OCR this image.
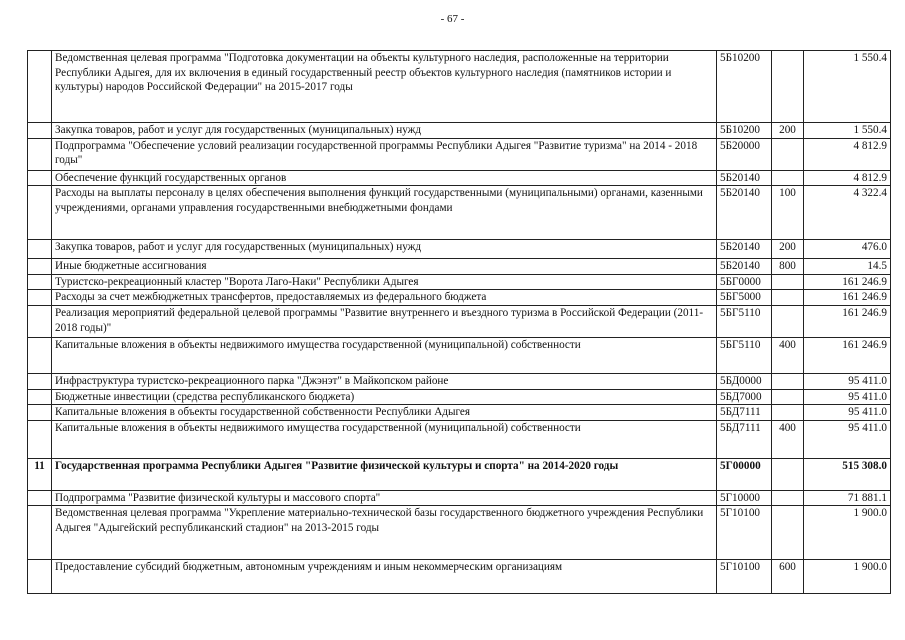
- 67 -
	Ведомственная целевая программа "Подготовка документации на объекты культурного наследия, расположенные на территории Республики Адыгея, для их включения в единый государственный реестр объектов культурного наследия (памятников истории и культуры) народов Российской Федерации" на 2015-2017 годы	5Б10200		1 550.4
	Закупка товаров, работ и услуг для государственных (муниципальных) нужд	5Б10200	200	1 550.4
	Подпрограмма "Обеспечение условий реализации государственной программы Республики Адыгея "Развитие туризма" на 2014 - 2018 годы"	5Б20000		4 812.9
	Обеспечение функций государственных органов	5Б20140		4 812.9
	Расходы на выплаты персоналу в целях обеспечения выполнения функций государственными (муниципальными) органами, казенными учреждениями, органами управления государственными внебюджетными фондами	5Б20140	100	4 322.4
	Закупка товаров, работ и услуг для государственных (муниципальных) нужд	5Б20140	200	476.0
	Иные бюджетные ассигнования	5Б20140	800	14.5
	Туристско-рекреационный кластер "Ворота Лаго-Наки" Республики Адыгея	5БГ0000		161 246.9
	Расходы за счет межбюджетных трансфертов, предоставляемых из федерального бюджета	5БГ5000		161 246.9
	Реализация мероприятий федеральной целевой программы "Развитие внутреннего и въездного туризма в Российской Федерации (2011-2018 годы)"	5БГ5110		161 246.9
	Капитальные вложения в объекты недвижимого имущества государственной (муниципальной) собственности	5БГ5110	400	161 246.9
	Инфраструктура туристско-рекреационного парка "Джэнэт" в Майкопском районе	5БД0000		95 411.0
	Бюджетные инвестиции (средства республиканского бюджета)	5БД7000		95 411.0
	Капитальные вложения в объекты государственной собственности Республики Адыгея	5БД7111		95 411.0
	Капитальные вложения в объекты недвижимого имущества государственной (муниципальной) собственности	5БД7111	400	95 411.0
11	Государственная программа Республики Адыгея "Развитие физической культуры и спорта" на 2014-2020 годы	5Г00000		515 308.0
	Подпрограмма "Развитие физической культуры и массового спорта"	5Г10000		71 881.1
	Ведомственная целевая программа "Укрепление материально-технической базы государственного бюджетного учреждения Республики Адыгея "Адыгейский республиканский стадион" на 2013-2015 годы	5Г10100		1 900.0
	Предоставление субсидий бюджетным, автономным учреждениям и иным некоммерческим организациям	5Г10100	600	1 900.0
